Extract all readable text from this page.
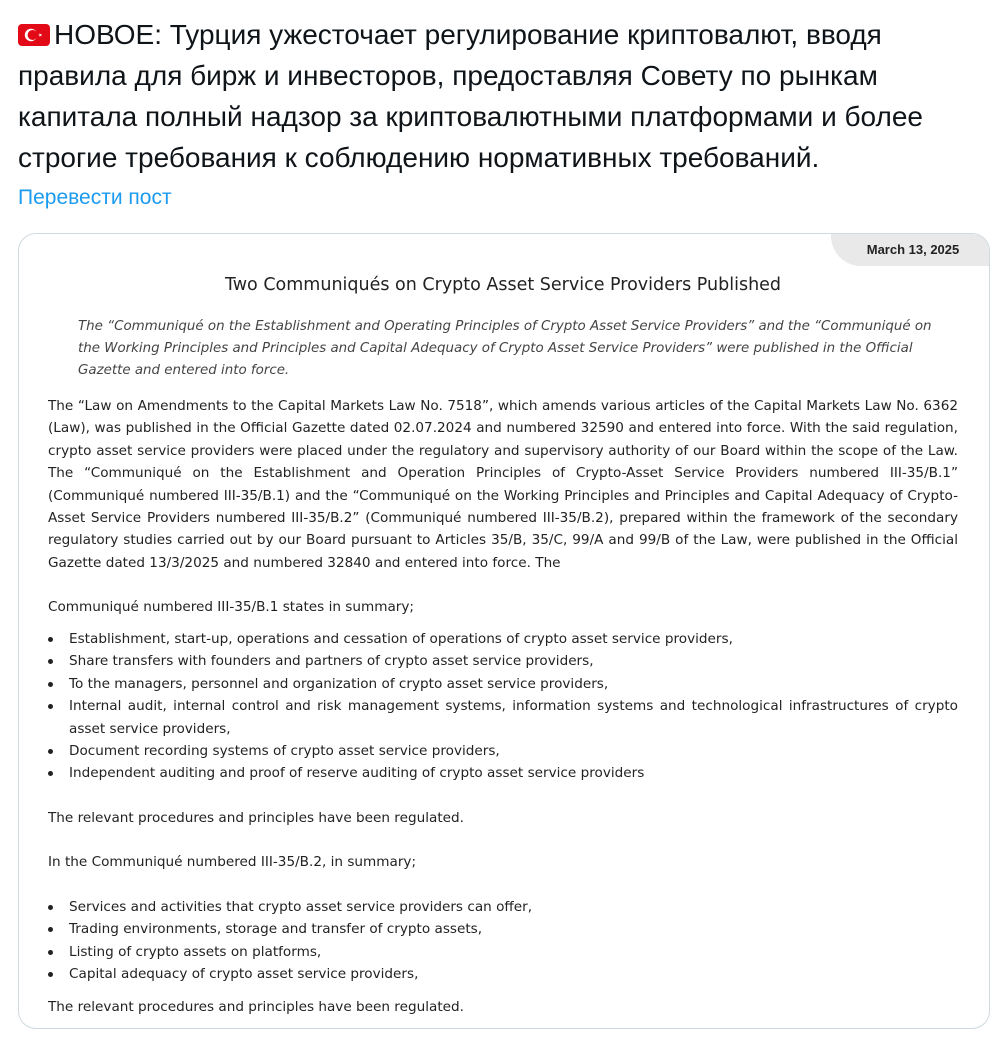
НОВОЕ: Турция ужесточает регулирование криптовалют, вводя правила для бирж и инвесторов, предоставляя Совету по рынкам капитала полный надзор за криптовалютными платформами и более строгие требования к соблюдению нормативных требований.
Перевести пост
March 13, 2025
Two Communiqués on Crypto Asset Service Providers Published
The “Communiqué on the Establishment and Operating Principles of Crypto Asset Service Providers” and the “Communiqué on the Working Principles and Principles and Capital Adequacy of Crypto Asset Service Providers” were published in the Official Gazette and entered into force.
The “Law on Amendments to the Capital Markets Law No. 7518”, which amends various articles of the Capital Markets Law No. 6362 (Law), was published in the Official Gazette dated 02.07.2024 and numbered 32590 and entered into force. With the said regulation, crypto asset service providers were placed under the regulatory and supervisory authority of our Board within the scope of the Law. The “Communiqué on the Establishment and Operation Principles of Crypto-Asset Service Providers numbered III-35/B.1” (Communiqué numbered III-35/B.1) and the “Communiqué on the Working Principles and Principles and Capital Adequacy of Crypto-Asset Service Providers numbered III-35/B.2” (Communiqué numbered III-35/B.2), prepared within the framework of the secondary regulatory studies carried out by our Board pursuant to Articles 35/B, 35/C, 99/A and 99/B of the Law, were published in the Official Gazette dated 13/3/2025 and numbered 32840 and entered into force. The
Communiqué numbered III-35/B.1 states in summary;
Establishment, start-up, operations and cessation of operations of crypto asset service providers,
Share transfers with founders and partners of crypto asset service providers,
To the managers, personnel and organization of crypto asset service providers,
Internal audit, internal control and risk management systems, information systems and technological infrastructures of crypto asset service providers,
Document recording systems of crypto asset service providers,
Independent auditing and proof of reserve auditing of crypto asset service providers
The relevant procedures and principles have been regulated.
In the Communiqué numbered III-35/B.2, in summary;
Services and activities that crypto asset service providers can offer,
Trading environments, storage and transfer of crypto assets,
Listing of crypto assets on platforms,
Capital adequacy of crypto asset service providers,
The relevant procedures and principles have been regulated.
